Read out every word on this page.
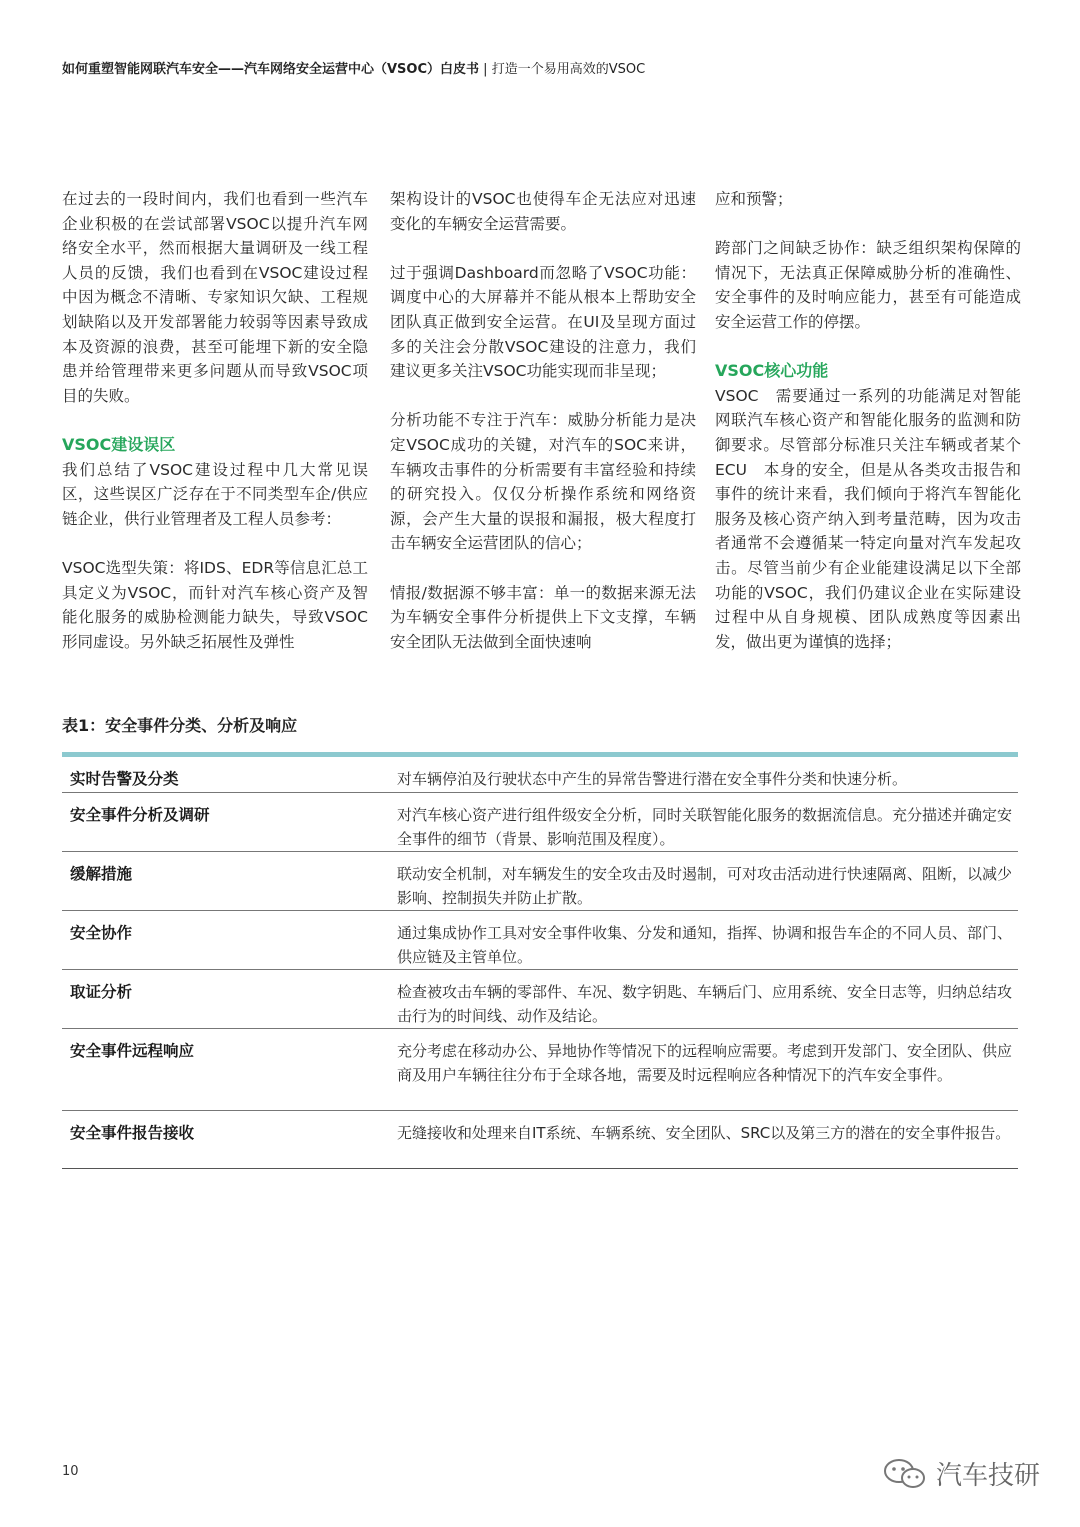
如何重塑智能网联汽车安全——汽车网络安全运营中心（VSOC）白皮书 | 打造一个易用高效的VSOC

在过去的一段时间内，我们也看到一些汽车企业积极的在尝试部署VSOC以提升汽车网络安全水平，然而根据大量调研及一线工程人员的反馈，我们也看到在VSOC建设过程中因为概念不清晰、专家知识欠缺、工程规划缺陷以及开发部署能力较弱等因素导致成本及资源的浪费，甚至可能埋下新的安全隐患并给管理带来更多问题从而导致VSOC项目的失败。

VSOC建设误区

我们总结了VSOC建设过程中几大常见误区，这些误区广泛存在于不同类型车企/供应链企业，供行业管理者及工程人员参考：

VSOC选型失策：将IDS、EDR等信息汇总工具定义为VSOC，而针对汽车核心资产及智能化服务的威胁检测能力缺失，导致VSOC形同虚设。另外缺乏拓展性及弹性

架构设计的VSOC也使得车企无法应对迅速变化的车辆安全运营需要。

过于强调Dashboard而忽略了VSOC功能：调度中心的大屏幕并不能从根本上帮助安全团队真正做到安全运营。在UI及呈现方面过多的关注会分散VSOC建设的注意力，我们建议更多关注VSOC功能实现而非呈现；

分析功能不专注于汽车：威胁分析能力是决定VSOC成功的关键，对汽车的SOC来讲，车辆攻击事件的分析需要有丰富经验和持续的研究投入。仅仅分析操作系统和网络资源，会产生大量的误报和漏报，极大程度打击车辆安全运营团队的信心；

情报/数据源不够丰富：单一的数据来源无法为车辆安全事件分析提供上下文支撑，车辆安全团队无法做到全面快速响

应和预警；

跨部门之间缺乏协作：缺乏组织架构保障的情况下，无法真正保障威胁分析的准确性、安全事件的及时响应能力，甚至有可能造成安全运营工作的停摆。

VSOC核心功能

VSOC　需要通过一系列的功能满足对智能网联汽车核心资产和智能化服务的监测和防御要求。尽管部分标准只关注车辆或者某个ECU　本身的安全，但是从各类攻击报告和事件的统计来看，我们倾向于将汽车智能化服务及核心资产纳入到考量范畴，因为攻击者通常不会遵循某一特定向量对汽车发起攻击。尽管当前少有企业能建设满足以下全部功能的VSOC，我们仍建议企业在实际建设过程中从自身规模、团队成熟度等因素出发，做出更为谨慎的选择；

表1：安全事件分类、分析及响应
实时告警及分类	对车辆停泊及行驶状态中产生的异常告警进行潜在安全事件分类和快速分析。
安全事件分析及调研	对汽车核心资产进行组件级安全分析，同时关联智能化服务的数据流信息。充分描述并确定安全事件的细节（背景、影响范围及程度）。
缓解措施	联动安全机制，对车辆发生的安全攻击及时遏制，可对攻击活动进行快速隔离、阻断，以减少影响、控制损失并防止扩散。
安全协作	通过集成协作工具对安全事件收集、分发和通知，指挥、协调和报告车企的不同人员、部门、供应链及主管单位。
取证分析	检查被攻击车辆的零部件、车况、数字钥匙、车辆后门、应用系统、安全日志等，归纳总结攻击行为的时间线、动作及结论。
安全事件远程响应	充分考虑在移动办公、异地协作等情况下的远程响应需要。考虑到开发部门、安全团队、供应商及用户车辆往往分布于全球各地，需要及时远程响应各种情况下的汽车安全事件。
安全事件报告接收	无缝接收和处理来自IT系统、车辆系统、安全团队、SRC以及第三方的潜在的安全事件报告。
10	汽车技研
